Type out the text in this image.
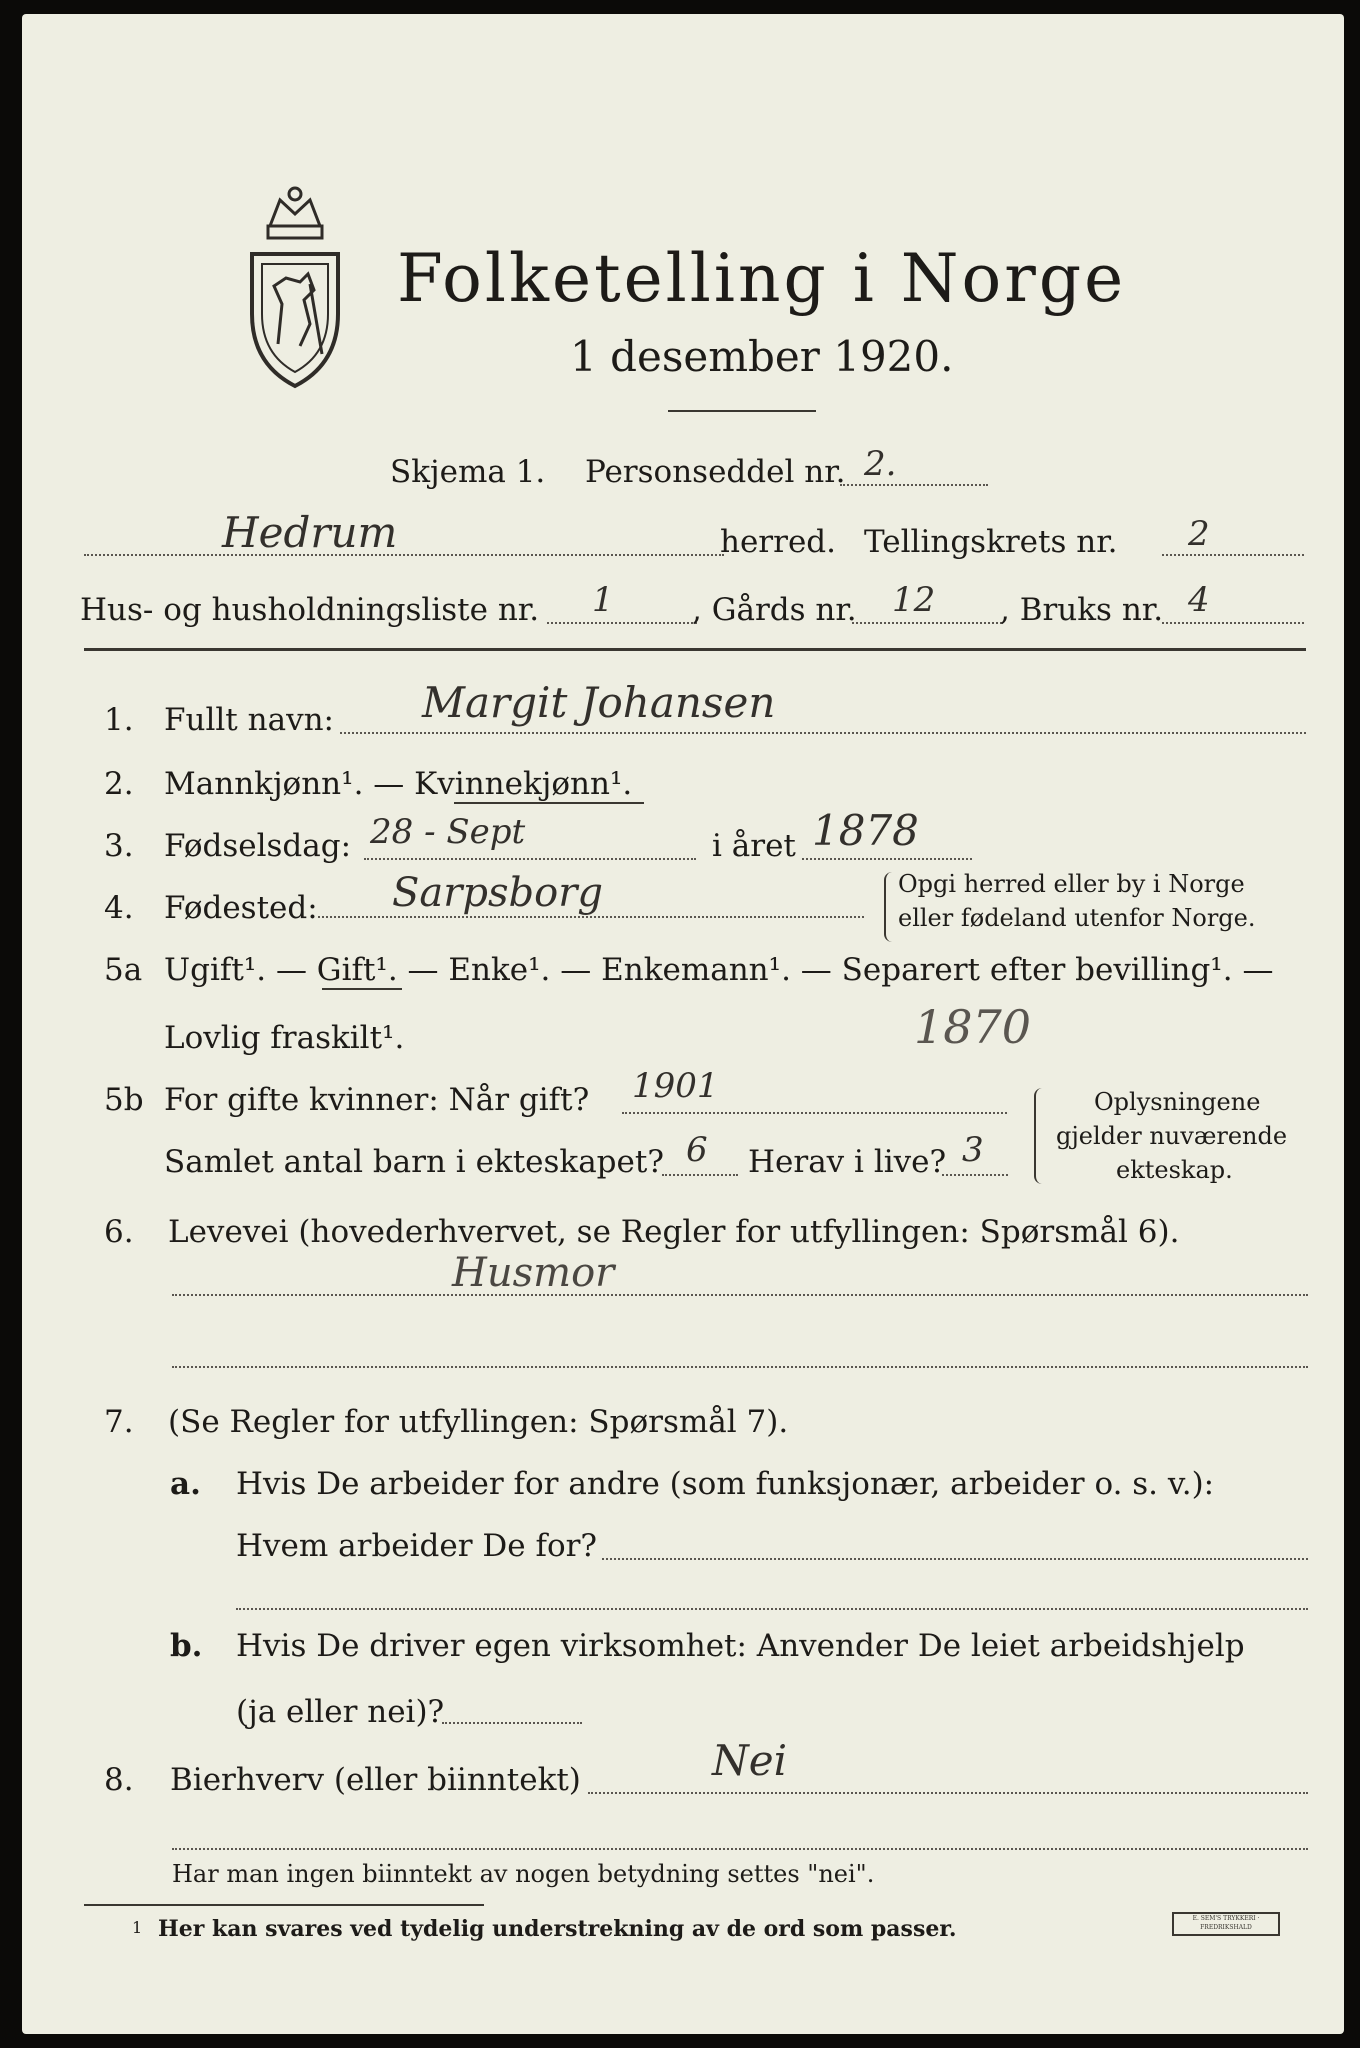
Folketelling i Norge
1 desember 1920.
Skjema 1. Personseddel nr. 2.
Hedrum	herred. Tellingskrets nr. 2
Hus- og husholdningsliste nr. 1	, Gårds nr. 12 , Bruks nr. 4
1. Fullt navn: Margit Johansen
2. Mannkjønn¹. — Kvinnekjønn¹.
3. Fødselsdag: 28 - Sept	i året 1878
4. Fødested: Sarpsborg	Opgi herred eller by i Norge
eller fødeland utenfor Norge.
5a Ugift¹. — Gift¹. — Enke¹. — Enkemann¹. — Separert efter bevilling¹. —
Lovlig fraskilt¹.	1870
5b For gifte kvinner: Når gift? 1901
Samlet antal barn i ekteskapet? 6 Herav i live? 3
Oplysningene
gjelder nuværende
ekteskap.
6. Levevei (hovederhvervet, se Regler for utfyllingen: Spørsmål 6).
Husmor
7. (Se Regler for utfyllingen: Spørsmål 7).
a. Hvis De arbeider for andre (som funksjonær, arbeider o. s. v.):
Hvem arbeider De for?
b. Hvis De driver egen virksomhet: Anvender De leiet arbeidshjelp
(ja eller nei)?
8. Bierhverv (eller biinntekt)	Nei
Har man ingen biinntekt av nogen betydning settes "nei".
1 Her kan svares ved tydelig understrekning av de ord som passer.	E. SEM'S TRYKKERI · FREDRIKSHALD
